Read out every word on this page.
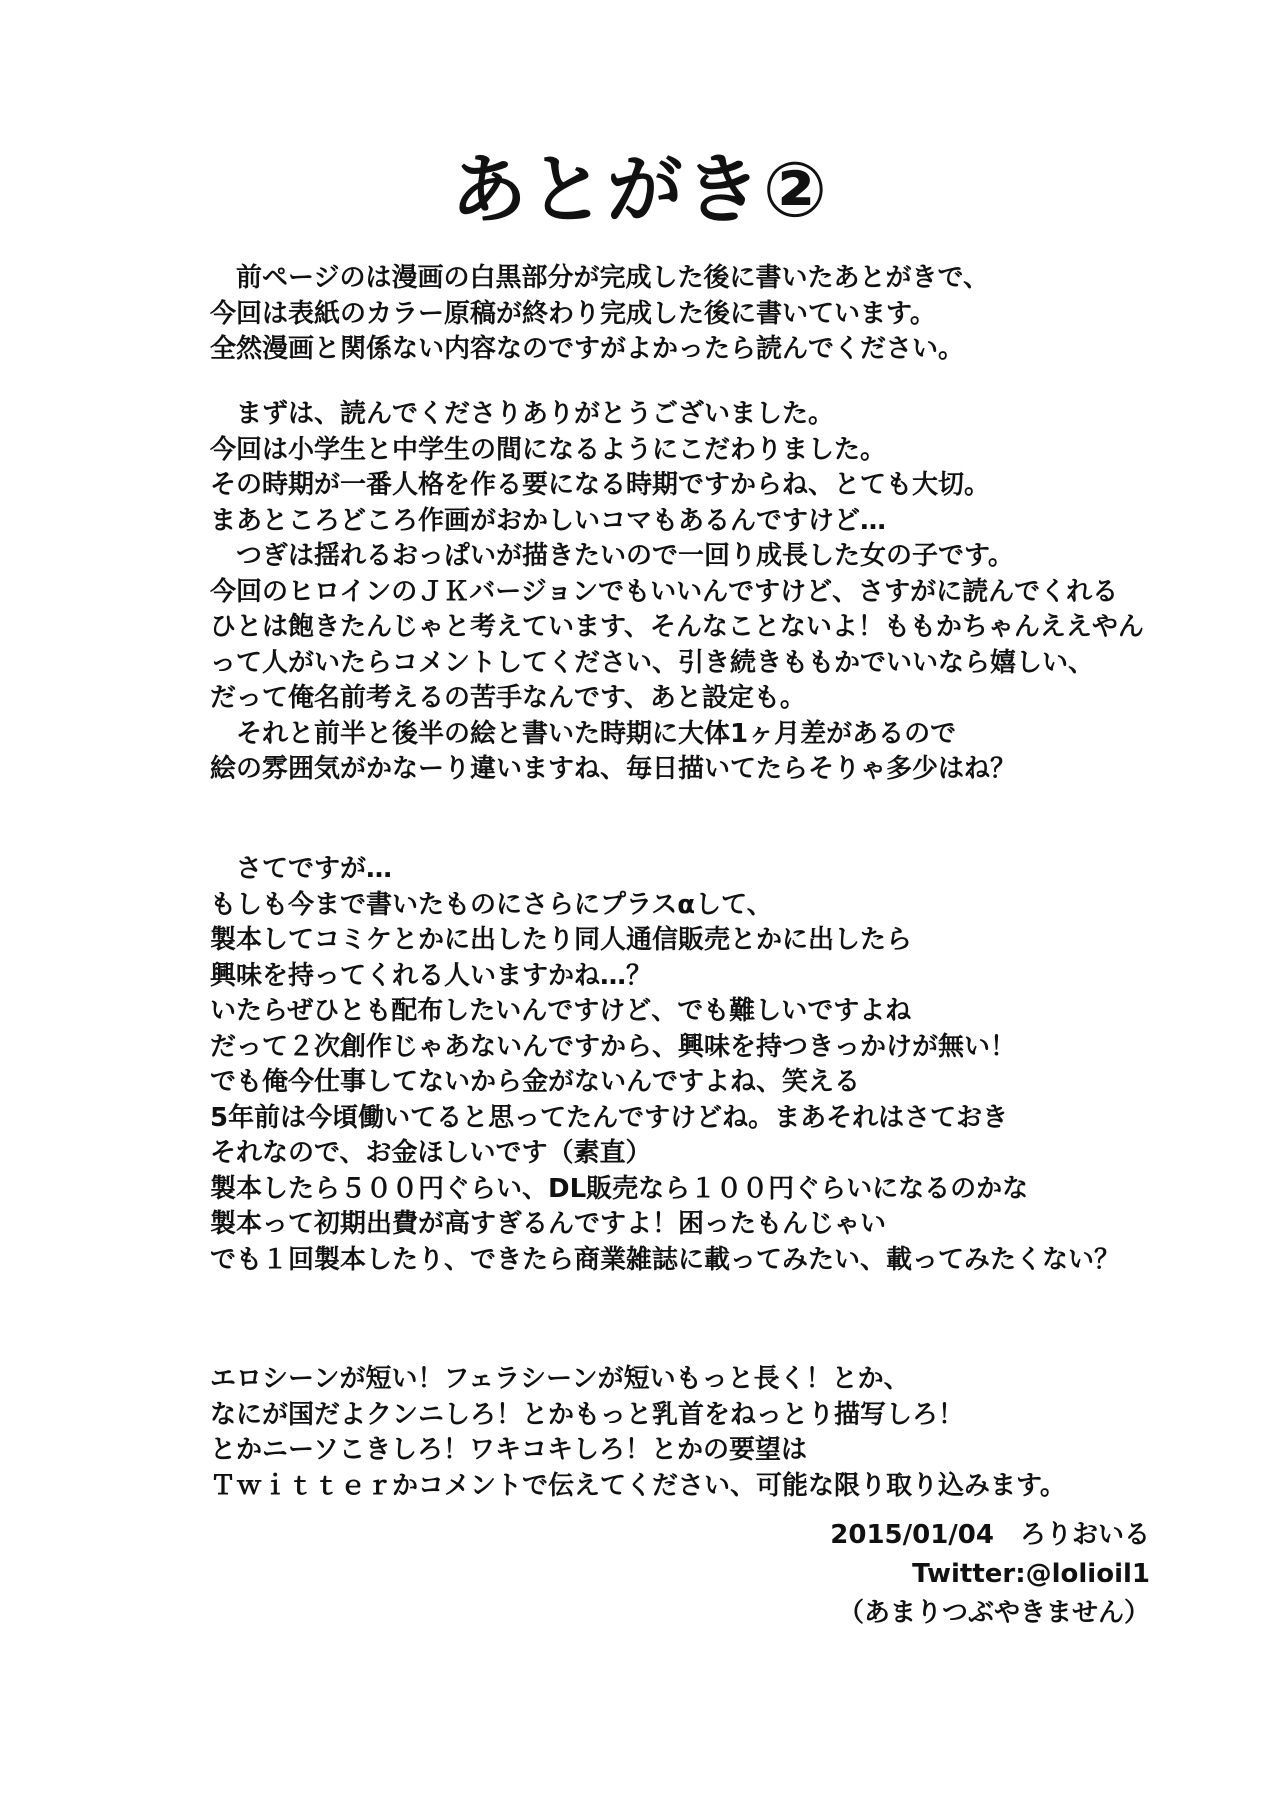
あとがき②
前ページのは漫画の白黒部分が完成した後に書いたあとがきで、
今回は表紙のカラー原稿が終わり完成した後に書いています。
全然漫画と関係ない内容なのですがよかったら読んでください。
まずは、読んでくださりありがとうございました。
今回は小学生と中学生の間になるようにこだわりました。
その時期が一番人格を作る要になる時期ですからね、とても大切。
まあところどころ作画がおかしいコマもあるんですけど…
つぎは揺れるおっぱいが描きたいので一回り成長した女の子です。
今回のヒロインのＪＫバージョンでもいいんですけど、さすがに読んでくれる
ひとは飽きたんじゃと考えています、そんなことないよ！ももかちゃんええやん
って人がいたらコメントしてください、引き続きももかでいいなら嬉しい、
だって俺名前考えるの苦手なんです、あと設定も。
それと前半と後半の絵と書いた時期に大体1ヶ月差があるので
絵の雰囲気がかなーり違いますね、毎日描いてたらそりゃ多少はね？
さてですが…
もしも今まで書いたものにさらにプラスαして、
製本してコミケとかに出したり同人通信販売とかに出したら
興味を持ってくれる人いますかね…？
いたらぜひとも配布したいんですけど、でも難しいですよね
だって２次創作じゃあないんですから、興味を持つきっかけが無い！
でも俺今仕事してないから金がないんですよね、笑える
5年前は今頃働いてると思ってたんですけどね。まあそれはさておき
それなので、お金ほしいです（素直）
製本したら５００円ぐらい、DL販売なら１００円ぐらいになるのかな
製本って初期出費が高すぎるんですよ！困ったもんじゃい
でも１回製本したり、できたら商業雑誌に載ってみたい、載ってみたくない？
エロシーンが短い！フェラシーンが短いもっと長く！とか、
なにが国だよクンニしろ！とかもっと乳首をねっとり描写しろ！
とかニーソこきしろ！ワキコキしろ！とかの要望は
Ｔｗｉｔｔｅｒかコメントで伝えてください、可能な限り取り込みます。
2015/01/04　ろりおいる
Twitter:@lolioil1
（あまりつぶやきません）
